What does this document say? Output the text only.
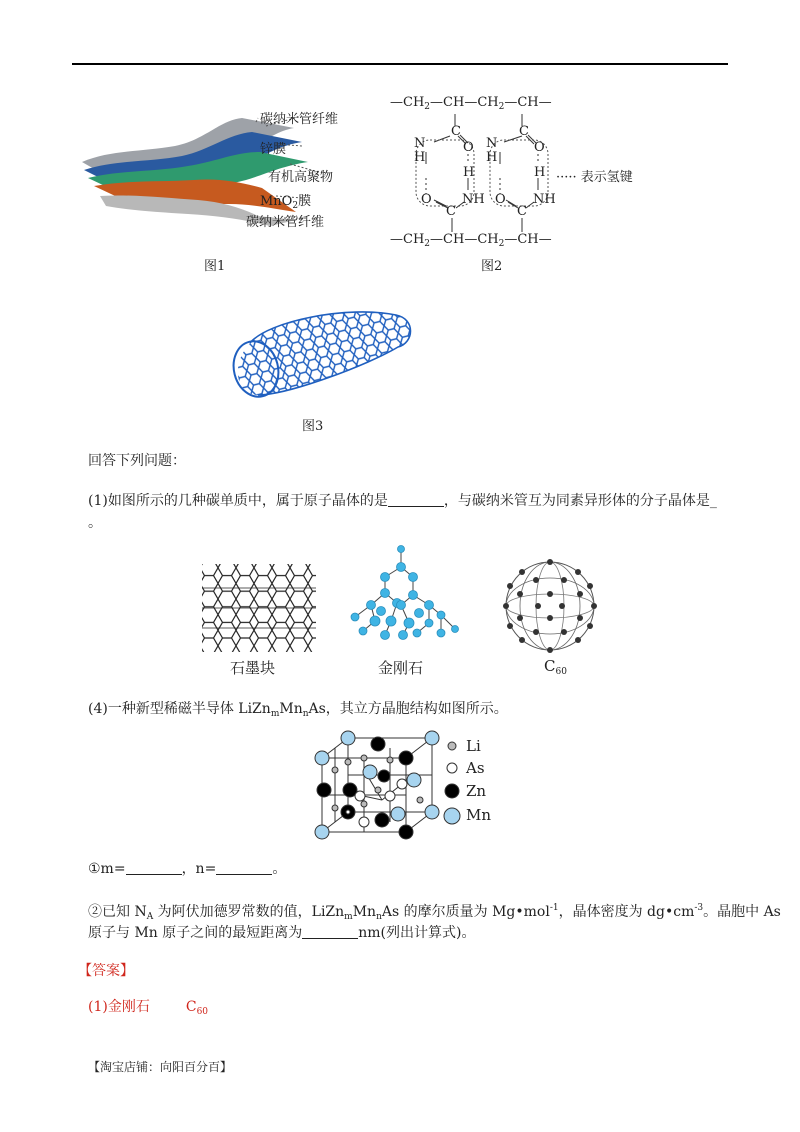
碳纳米管纤维
锌膜
有机高聚物
MnO$_2$膜
碳纳米管纤维
图1
$—CH_2—CH—CH_2—CH—$
C	C
N
H
N
H
O	O
H	H
O	O
NH	NH
C	C
····· 表示氢键
$—CH_2—CH—CH_2—CH—$
图2
图3
回答下列问题：
(1)如图所示的几种碳单质中，属于原子晶体的是	，与碳纳米管互为同素异形体的分子晶体是_
。
石墨块	金刚石	$C_{60}$
(4)一种新型稀磁半导体 $LiZn_mMn_nAs$，其立方晶胞结构如图所示。
Li
As
Zn
Mn
①m=	，n=	。
②已知 $N_A$ 为阿伏加德罗常数的值，$LiZn_mMn_nAs$ 的摩尔质量为 Mg•mol$^{-1}$，晶体密度为 $dg•cm^{-3}$。晶胞中 As
原子与 Mn 原子之间的最短距离为	nm(列出计算式)。
【答案】
(1)金刚石	$C_{60}$
【淘宝店铺：向阳百分百】
